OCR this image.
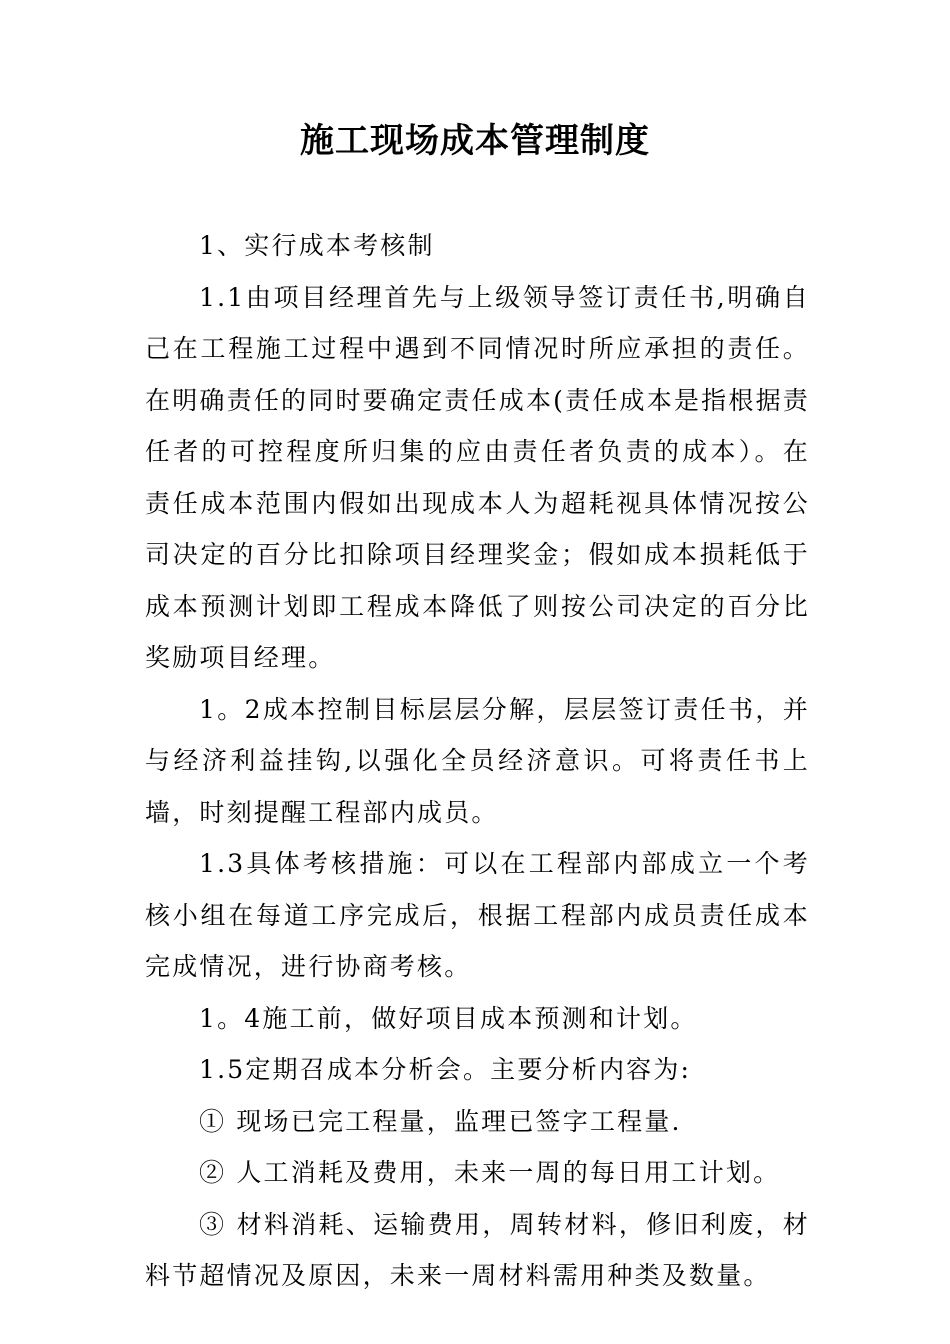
施工现场成本管理制度

1、实行成本考核制

1.1由项目经理首先与上级领导签订责任书,明确自己在工程施工过程中遇到不同情况时所应承担的责任。在明确责任的同时要确定责任成本(责任成本是指根据责任者的可控程度所归集的应由责任者负责的成本）。在责任成本范围内假如出现成本人为超耗视具体情况按公司决定的百分比扣除项目经理奖金；假如成本损耗低于成本预测计划即工程成本降低了则按公司决定的百分比奖励项目经理。

1。2成本控制目标层层分解，层层签订责任书，并与经济利益挂钩,以强化全员经济意识。可将责任书上墙，时刻提醒工程部内成员。

1.3具体考核措施：可以在工程部内部成立一个考核小组在每道工序完成后，根据工程部内成员责任成本完成情况，进行协商考核。

1。4施工前，做好项目成本预测和计划。

1.5定期召成本分析会。主要分析内容为:

① 现场已完工程量，监理已签字工程量.

② 人工消耗及费用，未来一周的每日用工计划。

③ 材料消耗、运输费用，周转材料，修旧利废，材料节超情况及原因，未来一周材料需用种类及数量。
